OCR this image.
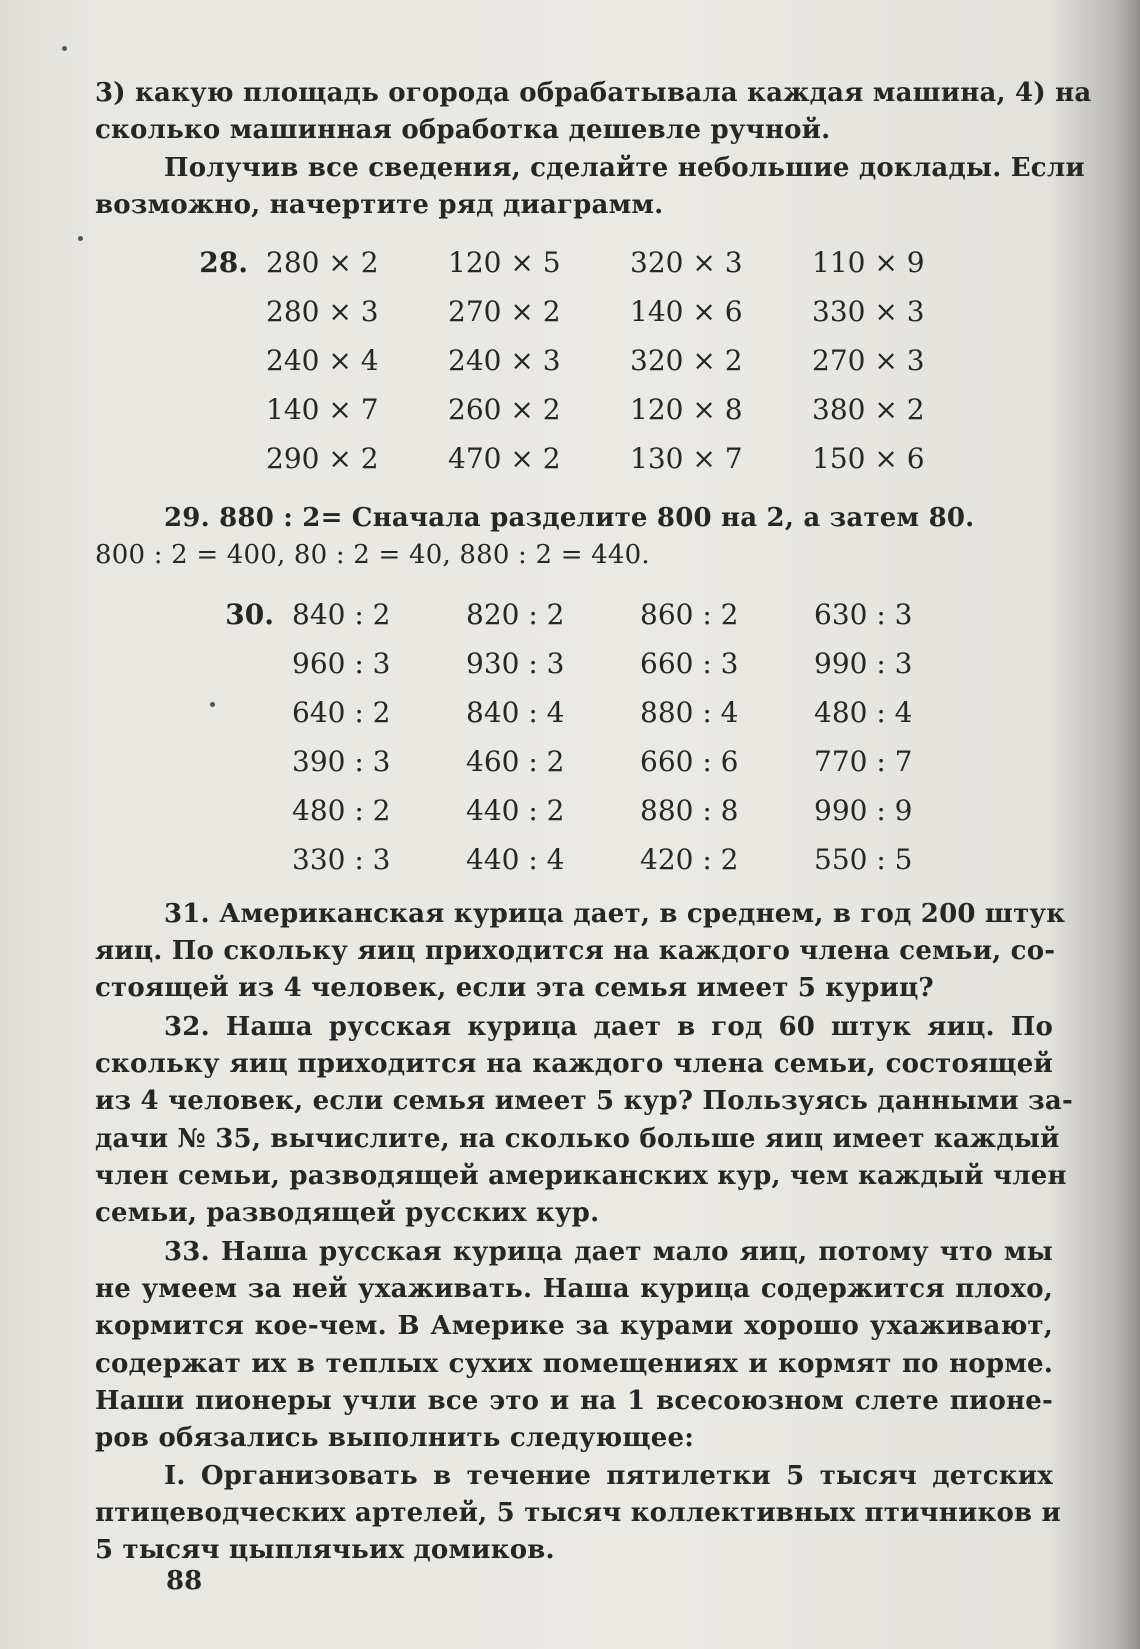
3) какую площадь огорода обрабатывала каждая машина, 4) на
сколько машинная обработка дешевле ручной.
Получив все сведения, сделайте небольшие доклады. Если
возможно, начертите ряд диаграмм.
28. 280 × 2	120 × 5	320 × 3	110 × 9
280 × 3	270 × 2	140 × 6	330 × 3
240 × 4	240 × 3	320 × 2	270 × 3
140 × 7	260 × 2	120 × 8	380 × 2
290 × 2	470 × 2	130 × 7	150 × 6
29. 880 : 2= Сначала разделите 800 на 2, а затем 80.
800 : 2 = 400, 80 : 2 = 40, 880 : 2 = 440.
30. 840 : 2	820 : 2	860 : 2	630 : 3
960 : 3	930 : 3	660 : 3	990 : 3
640 : 2	840 : 4	880 : 4	480 : 4
390 : 3	460 : 2	660 : 6	770 : 7
480 : 2	440 : 2	880 : 8	990 : 9
330 : 3	440 : 4	420 : 2	550 : 5
31. Американская курица дает, в среднем, в год 200 штук
яиц. По скольку яиц приходится на каждого члена семьи, со-
стоящей из 4 человек, если эта семья имеет 5 куриц?
32. Наша русская курица дает в год 60 штук яиц. По
скольку яиц приходится на каждого члена семьи, состоящей
из 4 человек, если семья имеет 5 кур? Пользуясь данными за-
дачи № 35, вычислите, на сколько больше яиц имеет каждый
член семьи, разводящей американских кур, чем каждый член
семьи, разводящей русских кур.
33. Наша русская курица дает мало яиц, потому что мы
не умеем за ней ухаживать. Наша курица содержится плохо,
кормится кое-чем. В Америке за курами хорошо ухаживают,
содержат их в теплых сухих помещениях и кормят по норме.
Наши пионеры учли все это и на 1 всесоюзном слете пионе-
ров обязались выполнить следующее:
I. Организовать в течение пятилетки 5 тысяч детских
птицеводческих артелей, 5 тысяч коллективных птичников и
5 тысяч цыплячьих домиков.
88
